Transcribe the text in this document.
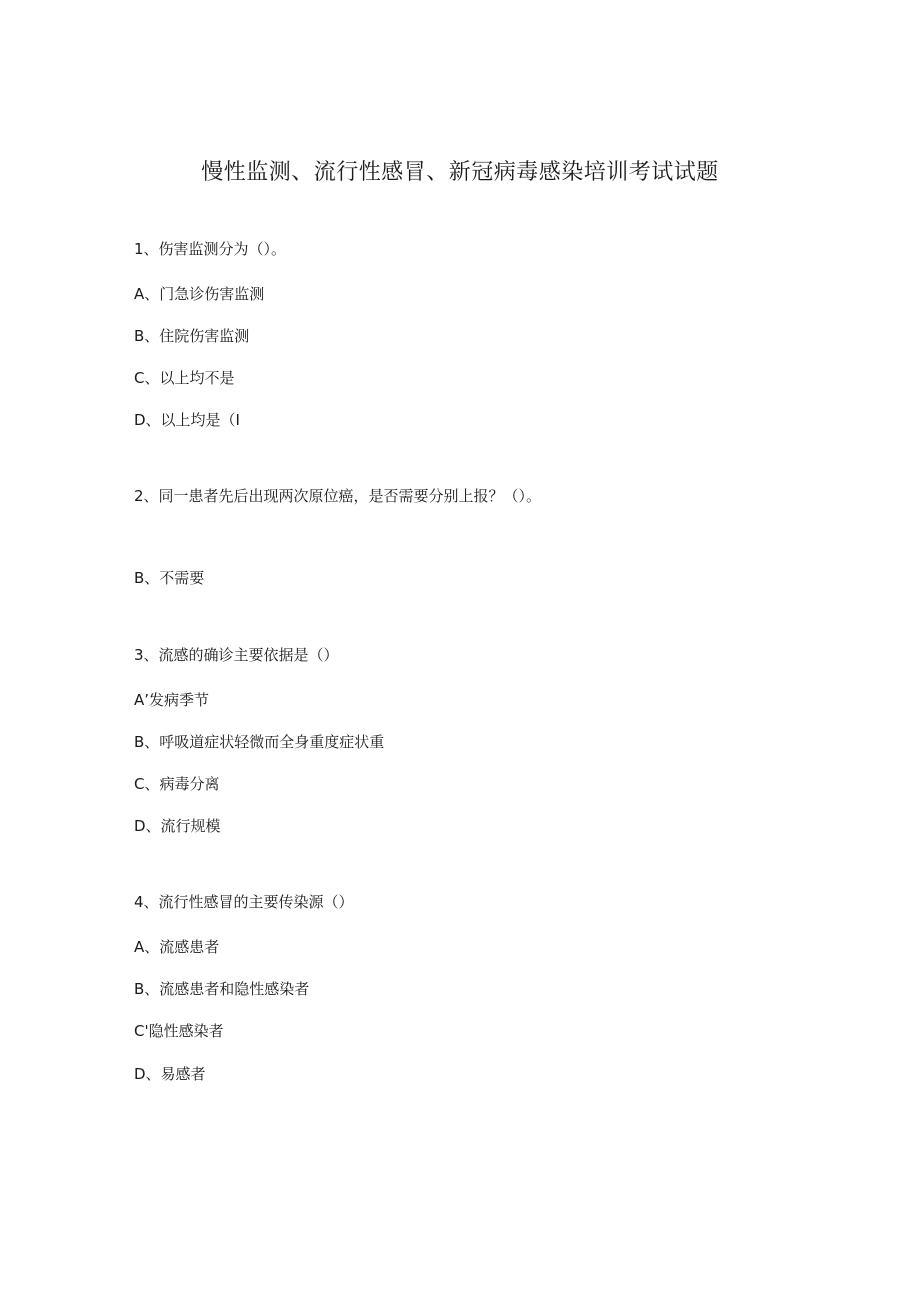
慢性监测、流行性感冒、新冠病毒感染培训考试试题
1、伤害监测分为（）。
A、门急诊伤害监测
B、住院伤害监测
C、以上均不是
D、以上均是（I
2、同一患者先后出现两次原位癌，是否需要分别上报？（）。
B、不需要
3、流感的确诊主要依据是（）
A’发病季节
B、呼吸道症状轻微而全身重度症状重
C、病毒分离
D、流行规模
4、流行性感冒的主要传染源（）
A、流感患者
B、流感患者和隐性感染者
C'隐性感染者
D、易感者
